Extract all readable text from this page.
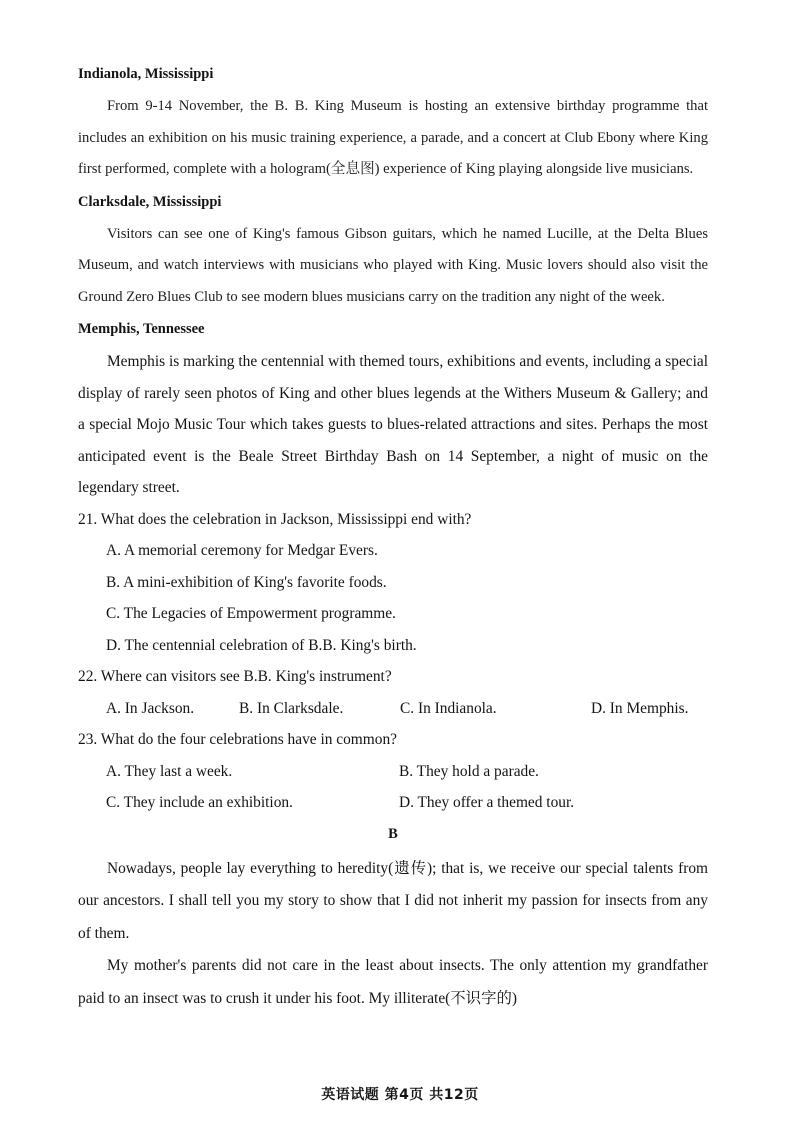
Indianola, Mississippi

From 9-14 November, the B. B. King Museum is hosting an extensive birthday programme that includes an exhibition on his music training experience, a parade, and a concert at Club Ebony where King first performed, complete with a hologram(全息图) experience of King playing alongside live musicians.

Clarksdale, Mississippi

Visitors can see one of King's famous Gibson guitars, which he named Lucille, at the Delta Blues Museum, and watch interviews with musicians who played with King. Music lovers should also visit the Ground Zero Blues Club to see modern blues musicians carry on the tradition any night of the week.

Memphis, Tennessee

Memphis is marking the centennial with themed tours, exhibitions and events, including a special display of rarely seen photos of King and other blues legends at the Withers Museum & Gallery; and a special Mojo Music Tour which takes guests to blues-related attractions and sites. Perhaps the most anticipated event is the Beale Street Birthday Bash on 14 September, a night of music on the legendary street.

21. What does the celebration in Jackson, Mississippi end with?

A. A memorial ceremony for Medgar Evers.

B. A mini-exhibition of King's favorite foods.

C. The Legacies of Empowerment programme.

D. The centennial celebration of B.B. King's birth.

22. Where can visitors see B.B. King's instrument?

A. In Jackson.	B. In Clarksdale.	C. In Indianola.	D. In Memphis.

23. What do the four celebrations have in common?

A. They last a week.	B. They hold a parade.
C. They include an exhibition.	D. They offer a themed tour.
B

Nowadays, people lay everything to heredity(遗传); that is, we receive our special talents from our ancestors. I shall tell you my story to show that I did not inherit my passion for insects from any of them.

My mother's parents did not care in the least about insects. The only attention my grandfather paid to an insect was to crush it under his foot. My illiterate(不识字的)

英语试题 第4页 共12页
